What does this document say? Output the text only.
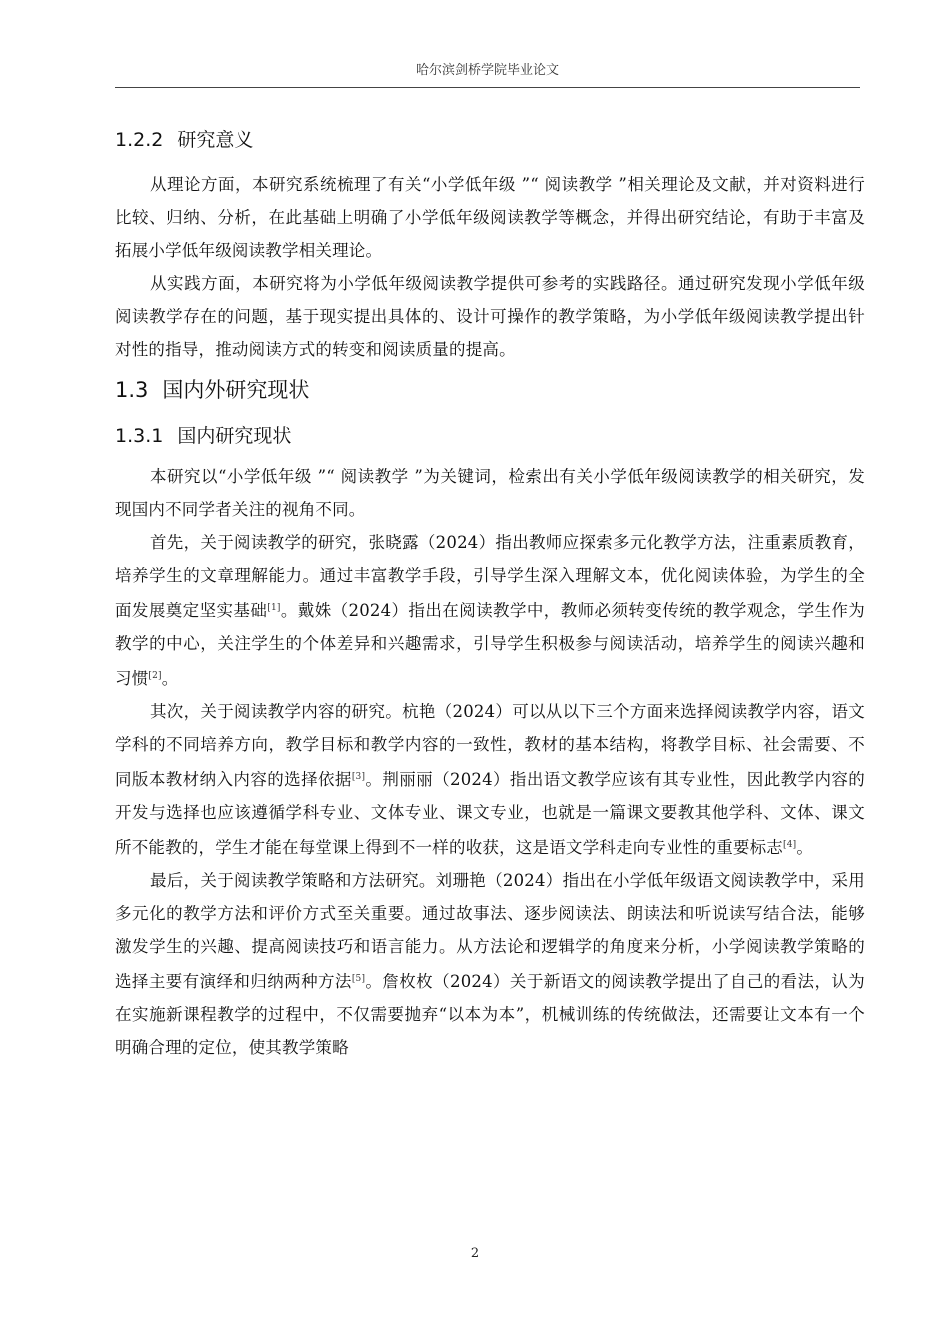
哈尔滨剑桥学院毕业论文
1.2.2 研究意义

从理论方面，本研究系统梳理了有关“小学低年级 ”“ 阅读教学 ”相关理论及文献，并对资料进行比较、归纳、分析，在此基础上明确了小学低年级阅读教学等概念，并得出研究结论，有助于丰富及拓展小学低年级阅读教学相关理论。

从实践方面，本研究将为小学低年级阅读教学提供可参考的实践路径。通过研究发现小学低年级阅读教学存在的问题，基于现实提出具体的、设计可操作的教学策略，为小学低年级阅读教学提出针对性的指导，推动阅读方式的转变和阅读质量的提高。

1.3 国内外研究现状
1.3.1 国内研究现状

本研究以“小学低年级 ”“ 阅读教学 ”为关键词，检索出有关小学低年级阅读教学的相关研究，发现国内不同学者关注的视角不同。

首先，关于阅读教学的研究，张晓露（2024）指出教师应探索多元化教学方法，注重素质教育，培养学生的文章理解能力。通过丰富教学手段，引导学生深入理解文本，优化阅读体验，为学生的全面发展奠定坚实基础[1]。戴姝（2024）指出在阅读教学中，教师必须转变传统的教学观念，学生作为教学的中心，关注学生的个体差异和兴趣需求，引导学生积极参与阅读活动，培养学生的阅读兴趣和习惯[2]。

其次，关于阅读教学内容的研究。杭艳（2024）可以从以下三个方面来选择阅读教学内容，语文学科的不同培养方向，教学目标和教学内容的一致性，教材的基本结构，将教学目标、社会需要、不同版本教材纳入内容的选择依据[3]。荆丽丽（2024）指出语文教学应该有其专业性，因此教学内容的开发与选择也应该遵循学科专业、文体专业、课文专业，也就是一篇课文要教其他学科、文体、课文所不能教的，学生才能在每堂课上得到不一样的收获，这是语文学科走向专业性的重要标志[4]。

最后，关于阅读教学策略和方法研究。刘珊艳（2024）指出在小学低年级语文阅读教学中，采用多元化的教学方法和评价方式至关重要。通过故事法、逐步阅读法、朗读法和听说读写结合法，能够激发学生的兴趣、提高阅读技巧和语言能力。从方法论和逻辑学的角度来分析，小学阅读教学策略的选择主要有演绎和归纳两种方法[5]。詹枚枚（2024）关于新语文的阅读教学提出了自己的看法，认为在实施新课程教学的过程中，不仅需要抛弃“以本为本”，机械训练的传统做法，还需要让文本有一个明确合理的定位，使其教学策略

2
